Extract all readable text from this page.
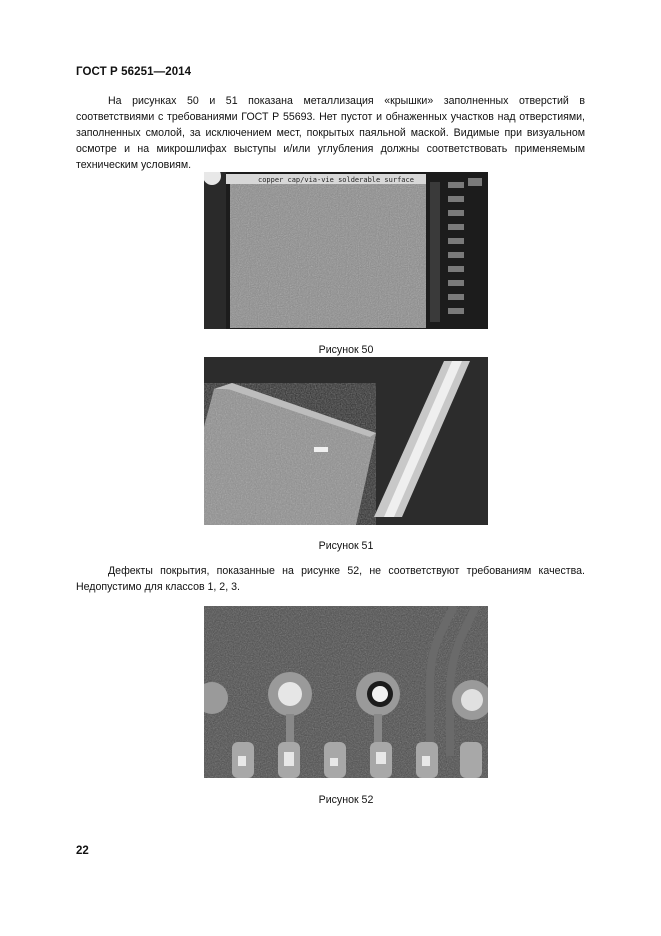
ГОСТ Р 56251—2014

На рисунках 50 и 51 показана металлизация «крышки» заполненных отверстий в соответствиями с требованиями ГОСТ Р 55693. Нет пустот и обнаженных участков над отверстиями, заполненных смолой, за исключением мест, покрытых паяльной маской. Видимые при визуальном осмотре и на микрошлифах выступы и/или углубления должны соответствовать применяемым техническим условиям.

copper cap/via-vie solderable surface
Рисунок 50
Рисунок 51

Дефекты покрытия, показанные на рисунке 52, не соответствуют требованиям качества. Недопустимо для классов 1, 2, 3.

Рисунок 52
22
